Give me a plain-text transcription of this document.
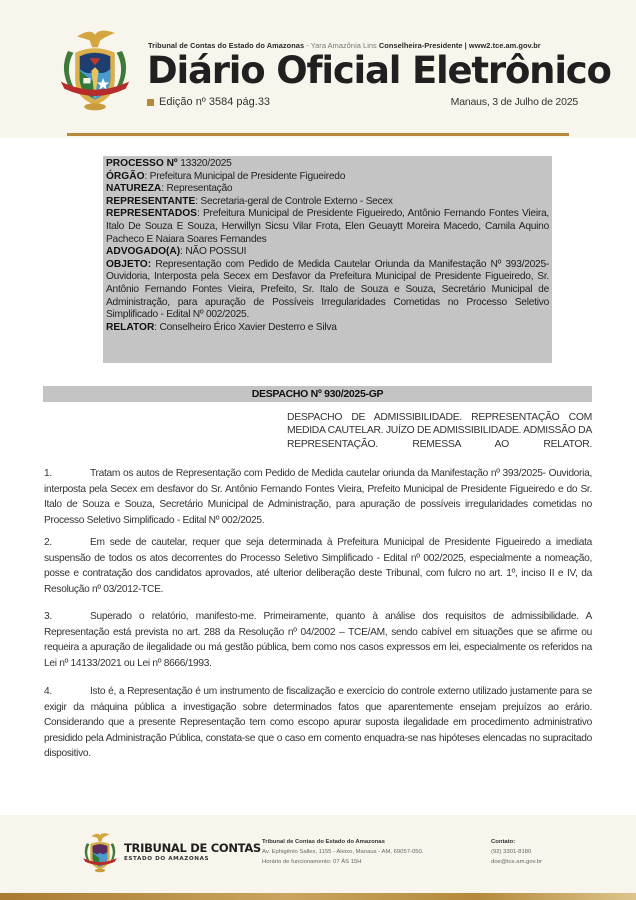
Tribunal de Contas do Estado do Amazonas - Yara Amazônia Lins Conselheira-Presidente | www2.tce.am.gov.br
Diário Oficial Eletrônico
Edição nº 3584 pág.33	Manaus, 3 de Julho de 2025
PROCESSO Nº 13320/2025
ÓRGÃO: Prefeitura Municipal de Presidente Figueiredo
NATUREZA: Representação
REPRESENTANTE: Secretaria-geral de Controle Externo - Secex
REPRESENTADOS: Prefeitura Municipal de Presidente Figueiredo, Antônio Fernando Fontes Vieira, Italo De Souza E Souza, Herwillyn Sicsu Vilar Frota, Elen Geuaytt Moreira Macedo, Camila Aquino Pacheco E Naiara Soares Fernandes
ADVOGADO(A): NÃO POSSUI
OBJETO: Representação com Pedido de Medida Cautelar Oriunda da Manifestação Nº 393/2025- Ouvidoria, Interposta pela Secex em Desfavor da Prefeitura Municipal de Presidente Figueiredo, Sr. Antônio Fernando Fontes Vieira, Prefeito, Sr. Italo de Souza e Souza, Secretário Municipal de Administração, para apuração de Possíveis Irregularidades Cometidas no Processo Seletivo Simplificado - Edital Nº 002/2025.
RELATOR: Conselheiro Érico Xavier Desterro e Silva
DESPACHO Nº 930/2025-GP
DESPACHO DE ADMISSIBILIDADE. REPRESENTAÇÃO COM MEDIDA CAUTELAR. JUÍZO DE ADMISSIBILIDADE. ADMISSÃO DA REPRESENTAÇÃO. REMESSA AO RELATOR.

1.	Tratam os autos de Representação com Pedido de Medida cautelar oriunda da Manifestação nº 393/2025- Ouvidoria, interposta pela Secex em desfavor do Sr. Antônio Fernando Fontes Vieira, Prefeito Municipal de Presidente Figueiredo e do Sr. Italo de Souza e Souza, Secretário Municipal de Administração, para apuração de possíveis irregularidades cometidas no Processo Seletivo Simplificado - Edital Nº 002/2025.

2.	Em sede de cautelar, requer que seja determinada à Prefeitura Municipal de Presidente Figueiredo a imediata suspensão de todos os atos decorrentes do Processo Seletivo Simplificado - Edital nº 002/2025, especialmente a nomeação, posse e contratação dos candidatos aprovados, até ulterior deliberação deste Tribunal, com fulcro no art. 1º, inciso II e IV, da Resolução nº 03/2012-TCE.

3.	Superado o relatório, manifesto-me. Primeiramente, quanto à análise dos requisitos de admissibilidade. A Representação está prevista no art. 288 da Resolução nº 04/2002 – TCE/AM, sendo cabível em situações que se afirme ou requeira a apuração de ilegalidade ou má gestão pública, bem como nos casos expressos em lei, especialmente os referidos na Lei nº 14133/2021 ou Lei nº 8666/1993.

4.	Isto é, a Representação é um instrumento de fiscalização e exercício do controle externo utilizado justamente para se exigir da máquina pública a investigação sobre determinados fatos que aparentemente ensejam prejuízos ao erário. Considerando que a presente Representação tem como escopo apurar suposta ilegalidade em procedimento administrativo presidido pela Administração Pública, constata-se que o caso em comento enquadra-se nas hipóteses elencadas no supracitado dispositivo.

TRIBUNAL DE CONTAS
ESTADO DO AMAZONAS
Tribunal de Contas do Estado do Amazonas
Av. Ephigênio Salles, 1155 - Aleixo, Manaus - AM, 69057-050.
Horário de funcionamento: 07 ÀS 15H
Contato:
(92) 3301-8180
doe@tce.am.gov.br
